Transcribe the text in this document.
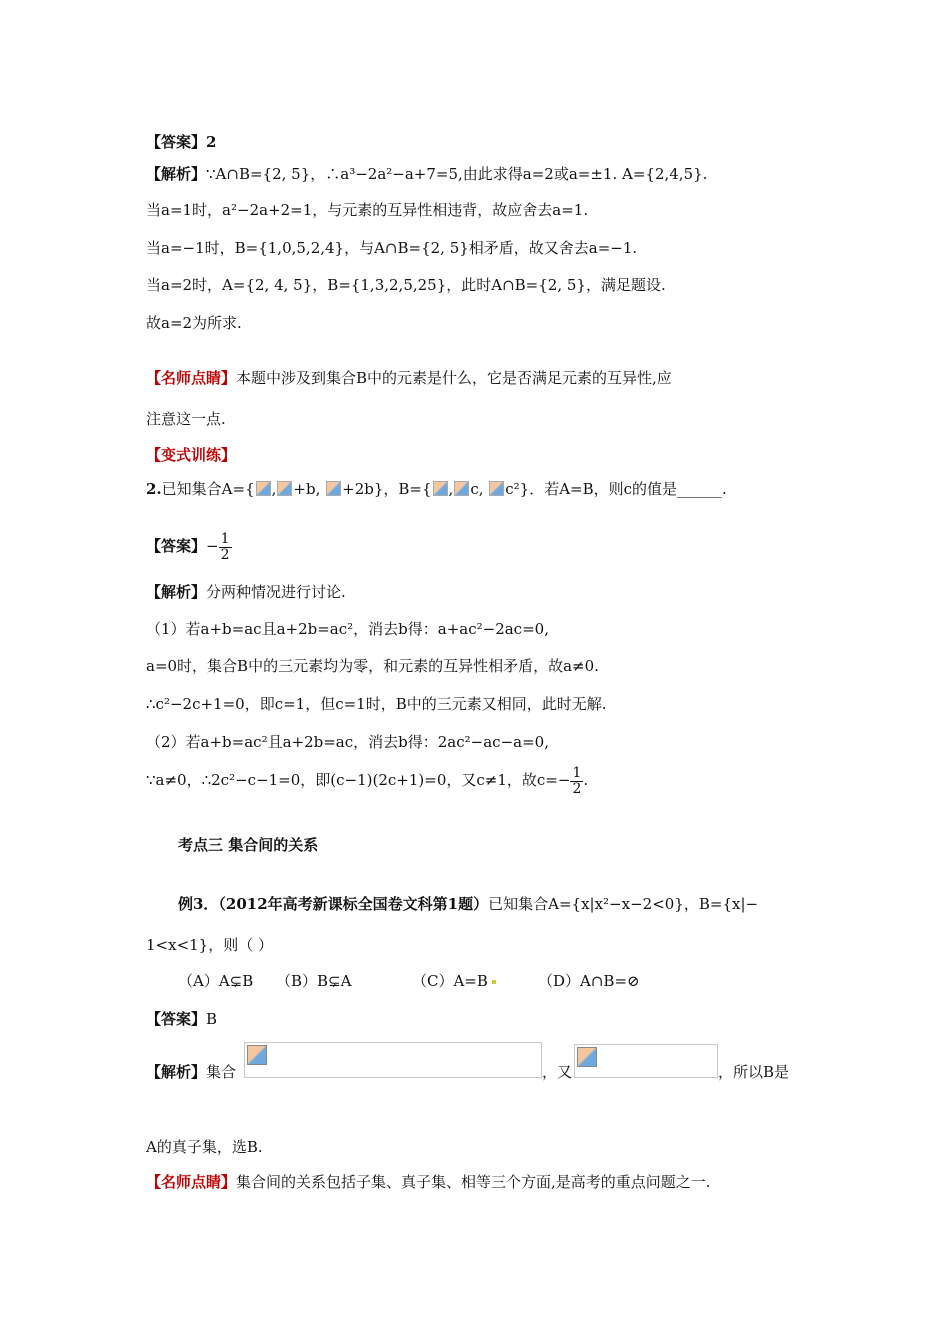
【答案】2
【解析】∵A∩B={2, 5}，∴a³−2a²−a+7=5,由此求得a=2或a=±1. A={2,4,5}.
当a=1时，a²−2a+2=1，与元素的互异性相违背，故应舍去a=1.
当a=−1时，B={1,0,5,2,4}，与A∩B={2, 5}相矛盾，故又舍去a=−1.
当a=2时，A={2, 4, 5}，B={1,3,2,5,25}，此时A∩B={2, 5}，满足题设.
故a=2为所求.
【名师点睛】本题中涉及到集合B中的元素是什么，它是否满足元素的互异性,应
注意这一点.
【变式训练】
2.已知集合A={ , +b, +2b}，B={ , c, c²}．若A=B，则c的值是______.
【答案】− $\frac{1}{2}$
【解析】分两种情况进行讨论.
（1）若a+b=ac且a+2b=ac²，消去b得：a+ac²−2ac=0,
a=0时，集合B中的三元素均为零，和元素的互异性相矛盾，故a≠0.
∴c²−2c+1=0，即c=1，但c=1时，B中的三元素又相同，此时无解.
（2）若a+b=ac²且a+2b=ac，消去b得：2ac²−ac−a=0,
∵a≠0，∴2c²−c−1=0，即(c−1)(2c+1)=0，又c≠1，故$c=- \frac{1}{2}$ .
考点三 集合间的关系
例3．（2012年高考新课标全国卷文科第1题）已知集合A={x|x²−x−2<0}，B={x|−
1<x<1}，则（ ）
（A）A⊊B （B）B⊊A	（C）A=B	（D）A∩B=⊘
【答案】B
【解析】集合	，又	，所以B是
A的真子集，选B.
【名师点睛】集合间的关系包括子集、真子集、相等三个方面,是高考的重点问题之一.
